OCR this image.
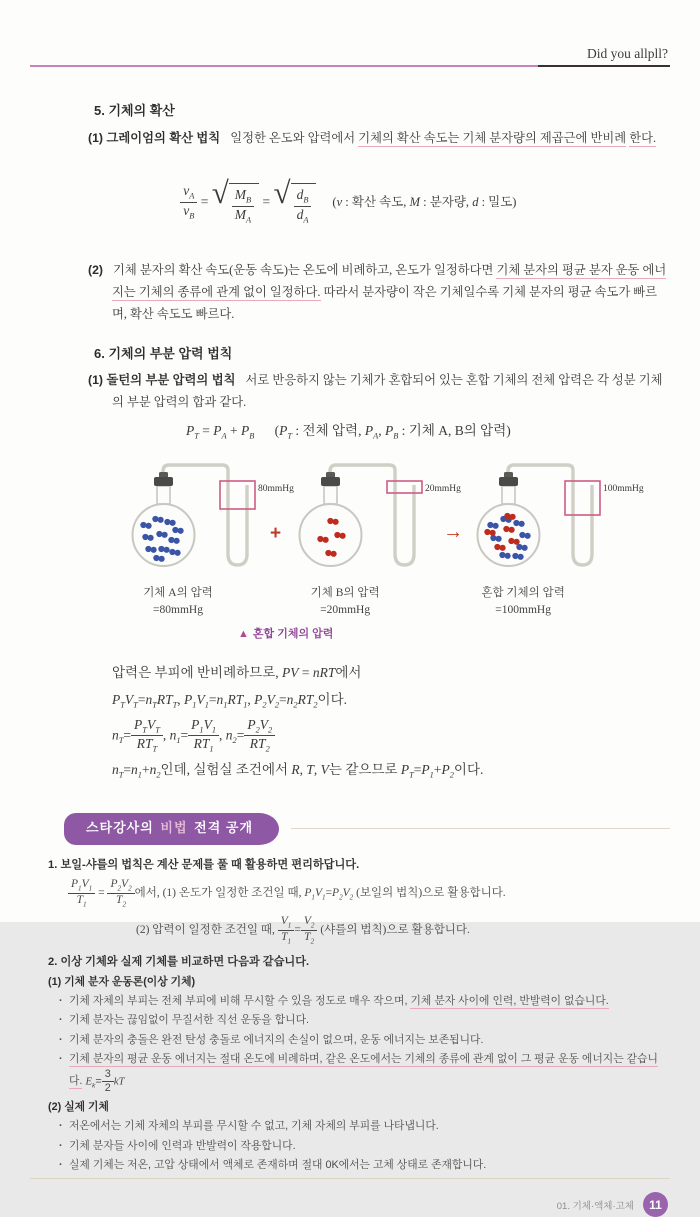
Did you allpll?
5. 기체의 확산
(1) 그레이엄의 확산 법칙 일정한 온도와 압력에서 기체의 확산 속도는 기체 분자량의 제곱근에 반비례 한다.

$\frac{v_A}{v_B}$ = √ $\frac{M_B}{M_A}$ = √ $\frac{d_B}{d_A} (v$ : 확산 속도, M : 분자량, d : 밀도)

(2) 기체 분자의 확산 속도(운동 속도)는 온도에 비례하고, 온도가 일정하다면 기체 분자의 평균 분자 운동 에너지는 기체의 종류에 관계 없이 일정하다. 따라서 분자량이 작은 기체일수록 기체 분자의 평균 속도가 빠르며, 확산 속도도 빠르다.
6. 기체의 부분 압력 법칙
(1) 돌턴의 부분 압력의 법칙 서로 반응하지 않는 기체가 혼합되어 있는 혼합 기체의 전체 압력은 각 성분 기체의 부분 압력의 합과 같다.
$P_T = P_A + P_B$      ($P_T$ : 전체 압력, $P_A$, $P_B$ : 기체 A, B의 압력)
80mmHg
기체 A의 압력
=80mmHg
+
20mmHg
기체 B의 압력
=20mmHg
→
100mmHg
혼합 기체의 압력
=100mmHg
▲ 혼합 기체의 압력
압력은 부피에 반비례하므로, PV = nRT에서
$P_TV_T=n_TRT_T$, $P_1V_1=n_1RT_1$, $P_2V_2=n_2RT_2$이다.
$n_T= \frac{P_TV_T}{RT_T}$ , $n_1= \frac{P_1V_1}{RT_1}$ , $n_2= \frac{P_2V_2}{RT_2}$
$n_T=n_1+n_2$인데, 실험실 조건에서 R, T, V는 같으므로 $P_T=P_1+P_2$이다.
스타강사의 비법 전격 공개
1. 보일-샤를의 법칙은 계산 문제를 풀 때 활용하면 편리하답니다.
$\frac{P_1V_1}{T_1} = \frac{P_2V_2}{T_2}$ 에서, (1) 온도가 일정한 조건일 때, $P_1V_1=P_2V_2$ (보일의 법칙)으로 활용합니다.
(2) 압력이 일정한 조건일 때, $\frac{V_1}{T_1} = \frac{V_2}{T_2}$ (샤를의 법칙)으로 활용합니다.
2. 이상 기체와 실제 기체를 비교하면 다음과 같습니다.
(1) 기체 분자 운동론(이상 기체)
· 기체 자체의 부피는 전체 부피에 비해 무시할 수 있을 정도로 매우 작으며, 기체 분자 사이에 인력, 반발력이 없습니다.
· 기체 분자는 끊임없이 무질서한 직선 운동을 합니다.
· 기체 분자의 충돌은 완전 탄성 충돌로 에너지의 손실이 없으며, 운동 에너지는 보존됩니다.
· 기체 분자의 평균 운동 에너지는 절대 온도에 비례하며, 같은 온도에서는 기체의 종류에 관계 없이 그 평균 운동 에너지는 같습니다. $E_k= \frac{3}{2}$ kT
(2) 실제 기체
· 저온에서는 기체 자체의 부피를 무시할 수 없고, 기체 자체의 부피를 나타냅니다.
· 기체 분자들 사이에 인력과 반발력이 작용합니다.
· 실제 기체는 저온, 고압 상태에서 액체로 존재하며 절대 0K에서는 고체 상태로 존재합니다.
01. 기체·액체·고체	11
